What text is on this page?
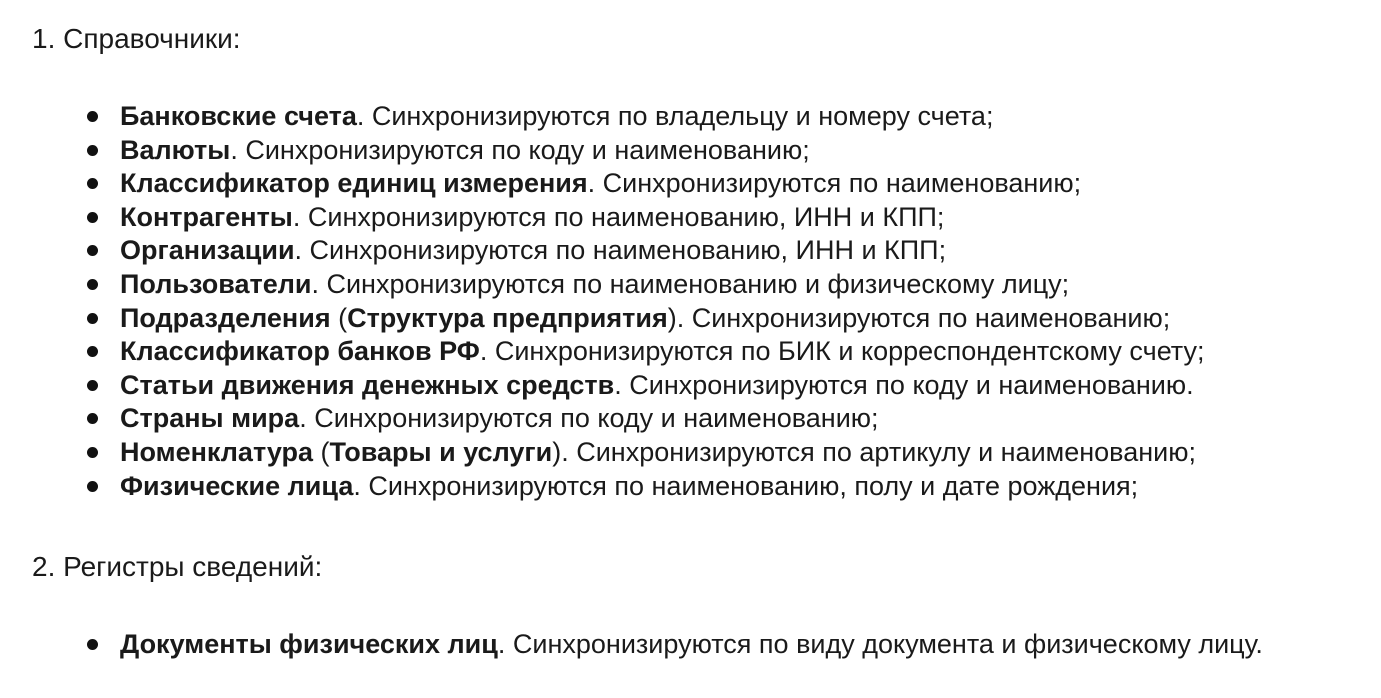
1. Справочники:
Банковские счета. Синхронизируются по владельцу и номеру счета;
Валюты. Синхронизируются по коду и наименованию;
Классификатор единиц измерения. Синхронизируются по наименованию;
Контрагенты. Синхронизируются по наименованию, ИНН и КПП;
Организации. Синхронизируются по наименованию, ИНН и КПП;
Пользователи. Синхронизируются по наименованию и физическому лицу;
Подразделения (Структура предприятия). Синхронизируются по наименованию;
Классификатор банков РФ. Синхронизируются по БИК и корреспондентскому счету;
Статьи движения денежных средств. Синхронизируются по коду и наименованию.
Страны мира. Синхронизируются по коду и наименованию;
Номенклатура (Товары и услуги). Синхронизируются по артикулу и наименованию;
Физические лица. Синхронизируются по наименованию, полу и дате рождения;
2. Регистры сведений:
Документы физических лиц. Синхронизируются по виду документа и физическому лицу.
